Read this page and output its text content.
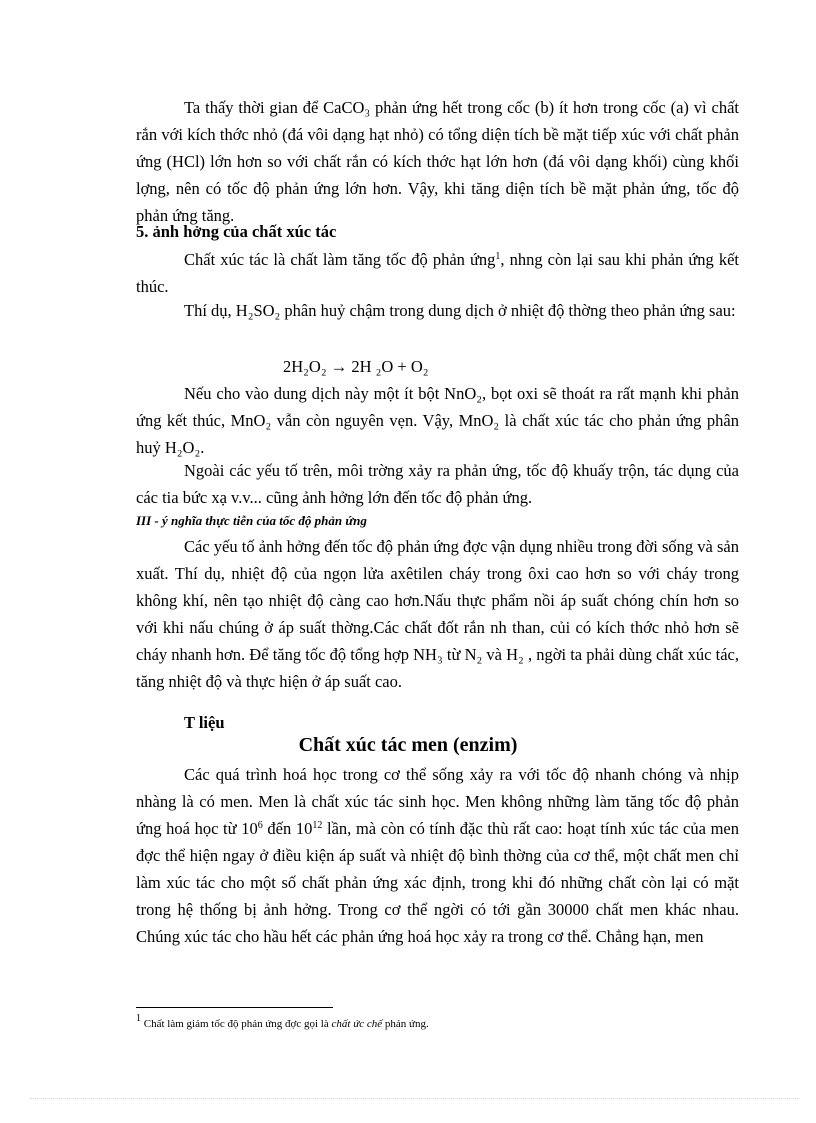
Ta thấy thời gian để CaCO₃ phản ứng hết trong cốc (b) ít hơn trong cốc (a) vì chất rắn với kích thớc nhỏ (đá vôi dạng hạt nhỏ) có tổng diện tích bề mặt tiếp xúc với chất phản ứng (HCl) lớn hơn so với chất rắn có kích thớc hạt lớn hơn (đá vôi dạng khối) cùng khối lợng, nên có tốc độ phản ứng lớn hơn. Vậy, khi tăng diện tích bề mặt phản ứng, tốc độ phản ứng tăng.
5. ảnh hởng của chất xúc tác
Chất xúc tác là chất làm tăng tốc độ phản ứng$^1$, nhng còn lại sau khi phản ứng kết thúc.
Thí dụ, H₂SO₂ phân huỷ chậm trong dung dịch ở nhiệt độ thờng theo phản ứng sau:
2H₂O₂ → 2H ₂O + O₂
Nếu cho vào dung dịch này một ít bột NnO₂, bọt oxi sẽ thoát ra rất mạnh khi phản ứng kết thúc, MnO₂ vẫn còn nguyên vẹn. Vậy, MnO₂ là chất xúc tác cho phản ứng phân huỷ H₂O₂.
Ngoài các yếu tố trên, môi trờng xảy ra phản ứng, tốc độ khuấy trộn, tác dụng của các tia bức xạ v.v... cũng ảnh hởng lớn đến tốc độ phản ứng.
III - ý nghĩa thực tiễn của tốc độ phản ứng
Các yếu tố ảnh hởng đến tốc độ phản ứng đợc vận dụng nhiều trong đời sống và sản xuất. Thí dụ, nhiệt độ của ngọn lửa axêtilen cháy trong ôxi cao hơn so với cháy trong không khí, nên tạo nhiệt độ càng cao hơn.Nấu thực phẩm nồi áp suất chóng chín hơn so với khi nấu chúng ở áp suất thờng.Các chất đốt rắn nh than, củi có kích thớc nhỏ hơn sẽ cháy nhanh hơn. Để tăng tốc độ tổng hợp NH₃ từ N₂ và H₂ , ngời ta phải dùng chất xúc tác, tăng nhiệt độ và thực hiện ở áp suất cao.
T liệu
Chất xúc tác men (enzim)
Các quá trình hoá học trong cơ thể sống xảy ra với tốc độ nhanh chóng và nhịp nhàng là có men. Men là chất xúc tác sinh học. Men không những làm tăng tốc độ phản ứng hoá học từ $10^6$ đến $10^{12}$ lần, mà còn có tính đặc thù rất cao: hoạt tính xúc tác của men đợc thể hiện ngay ở điều kiện áp suất và nhiệt độ bình thờng của cơ thể, một chất men chỉ làm xúc tác cho một số chất phản ứng xác định, trong khi đó những chất còn lại có mặt trong hệ thống bị ảnh hởng. Trong cơ thể ngời có tới gần 30000 chất men khác nhau. Chúng xúc tác cho hầu hết các phản ứng hoá học xảy ra trong cơ thể. Chẳng hạn, men
$^1$ Chất làm giảm tốc độ phản ứng đợc gọi là chất ức chế phản ứng.
